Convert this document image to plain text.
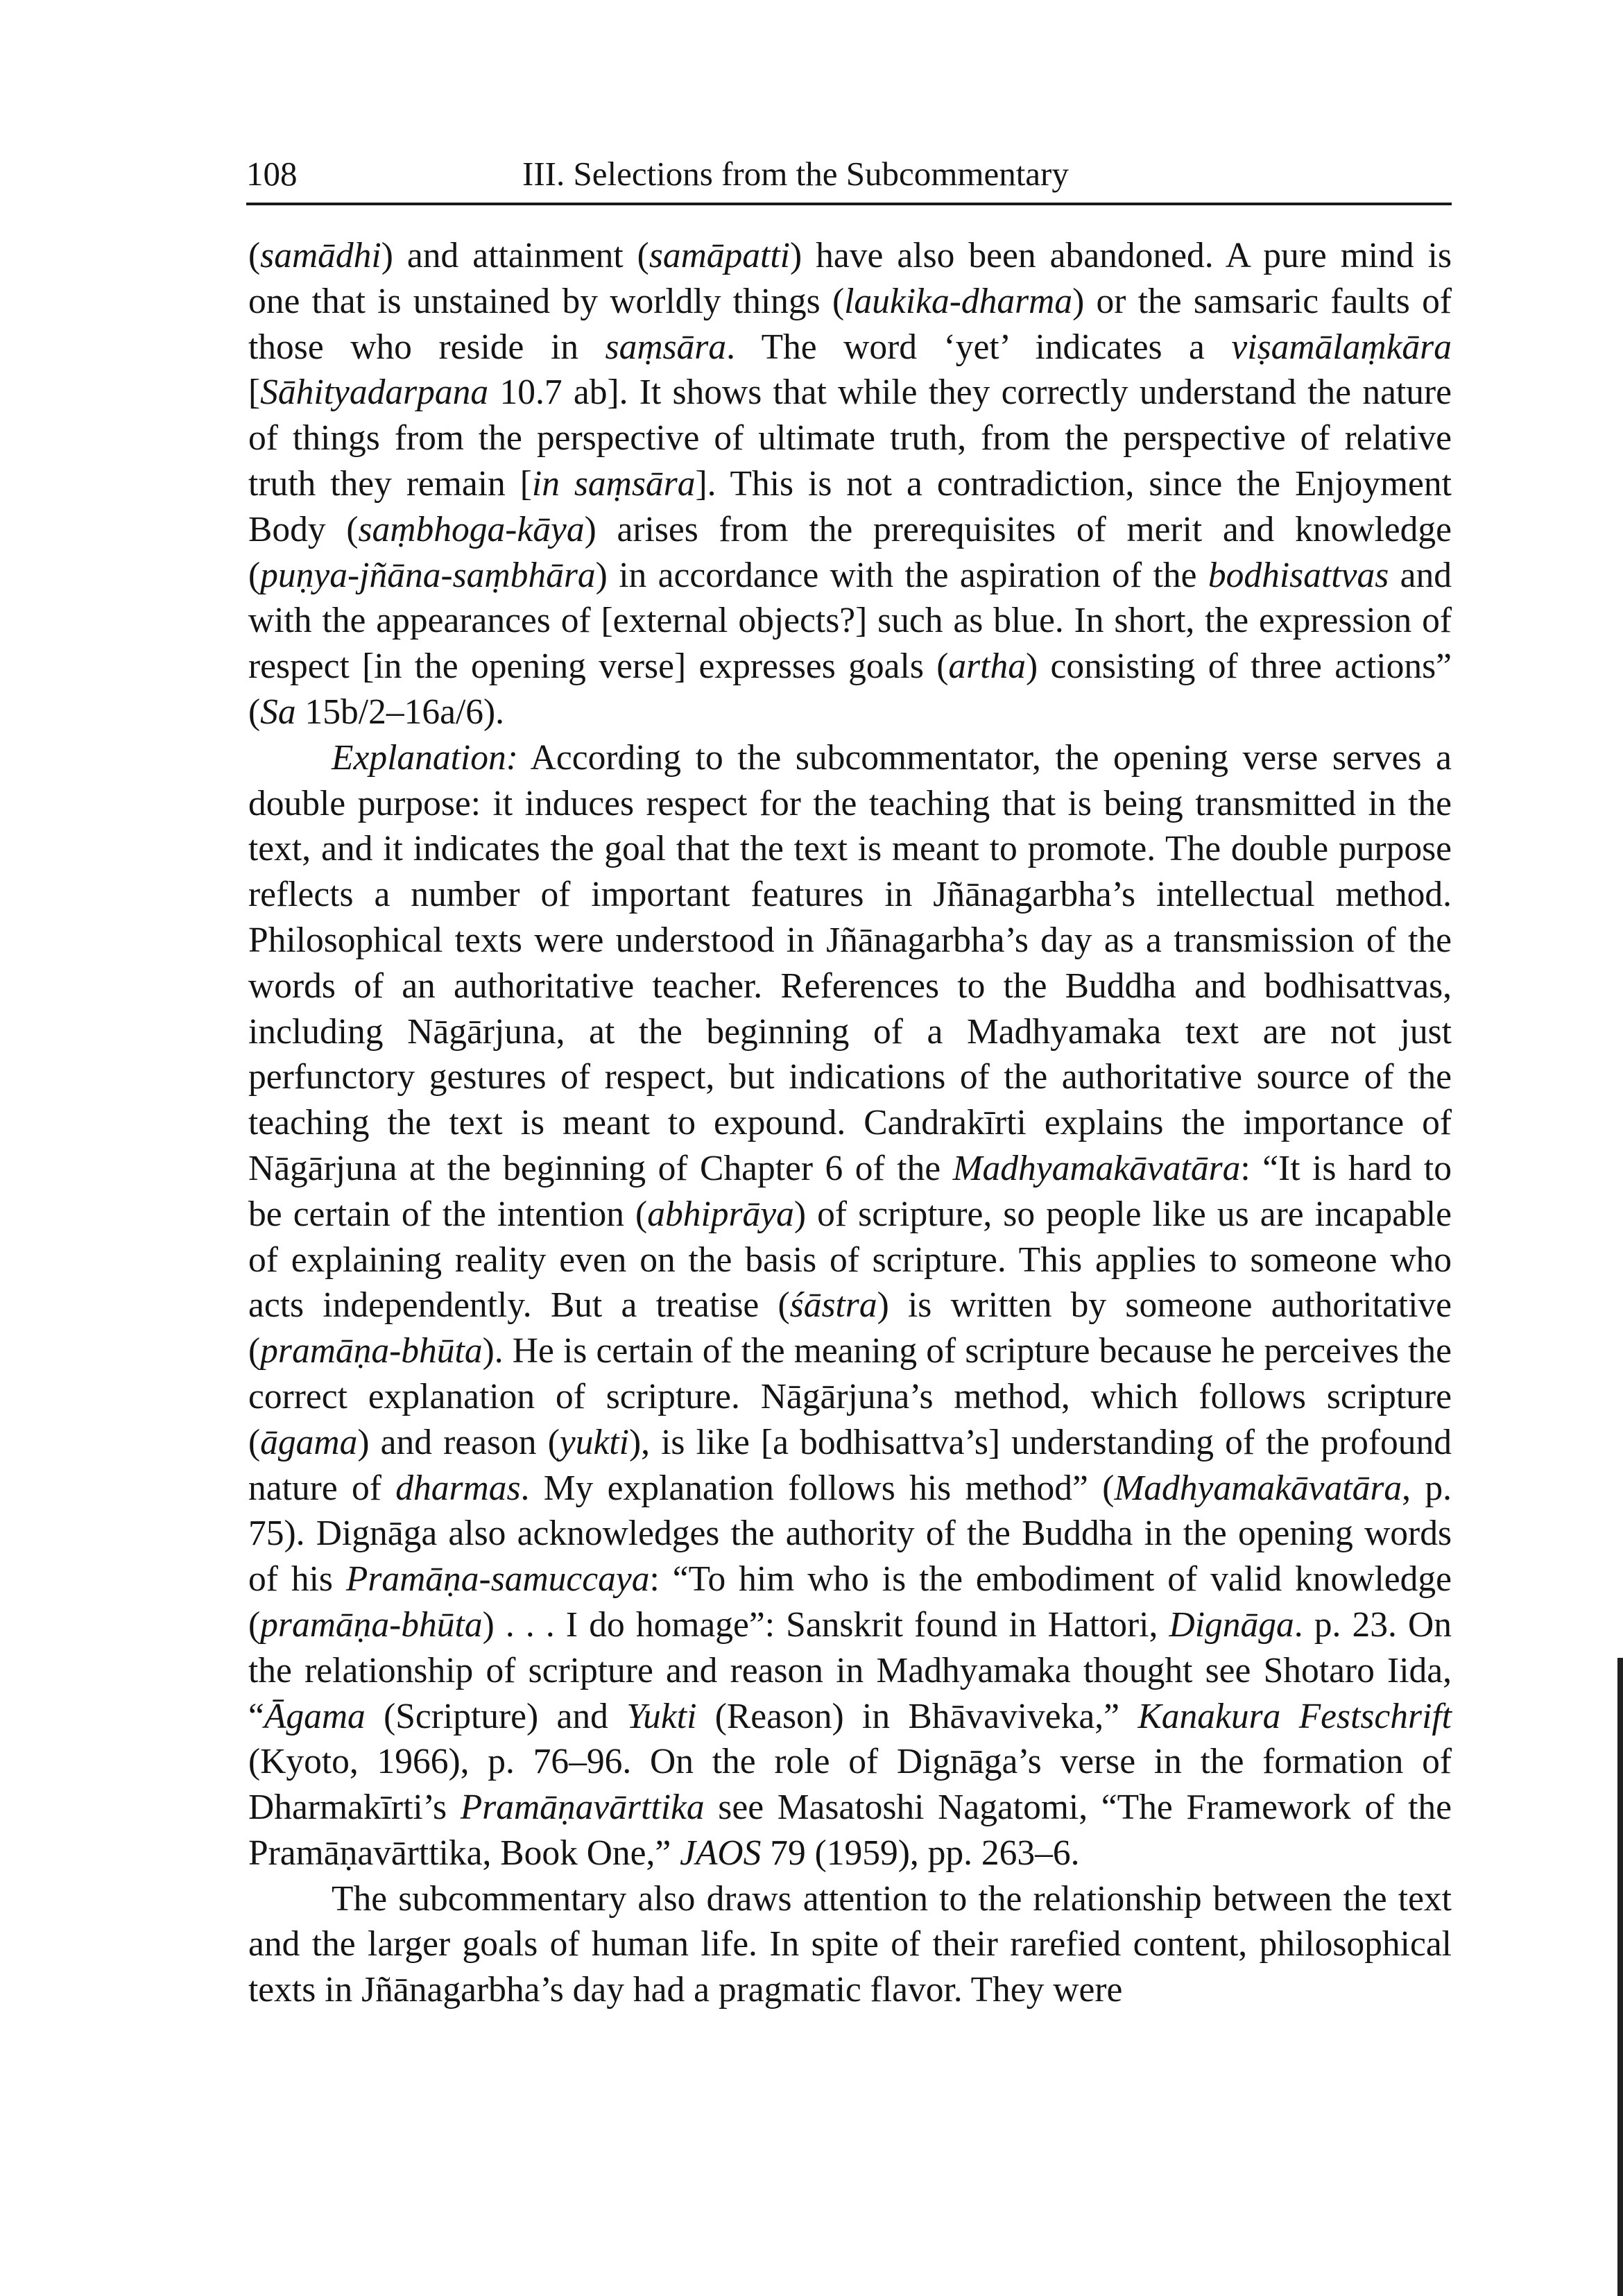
108	III. Selections from the Subcommentary

(samādhi) and attainment (samāpatti) have also been abandoned. A pure mind is one that is unstained by worldly things (laukika-dharma) or the samsaric faults of those who reside in saṃsāra. The word ‘yet’ indicates a viṣamālaṃkāra [Sāhityadarpana 10.7 ab]. It shows that while they correctly understand the nature of things from the perspective of ultimate truth, from the perspective of relative truth they remain [in saṃsāra]. This is not a contradiction, since the Enjoyment Body (saṃbhoga-kāya) arises from the prerequisites of merit and knowledge (puṇya-jñāna-saṃbhāra) in accordance with the aspiration of the bodhisattvas and with the appearances of [external objects?] such as blue. In short, the expression of respect [in the opening verse] expresses goals (artha) consisting of three actions” (Sa 15b/2–16a/6).

Explanation: According to the subcommentator, the opening verse serves a double purpose: it induces respect for the teaching that is being transmitted in the text, and it indicates the goal that the text is meant to promote. The double purpose reflects a number of important features in Jñānagarbha’s intellectual method. Philosophical texts were understood in Jñānagarbha’s day as a transmission of the words of an authoritative teacher. References to the Buddha and bodhisattvas, including Nāgārjuna, at the beginning of a Madhyamaka text are not just perfunctory gestures of respect, but indications of the authoritative source of the teaching the text is meant to expound. Candrakīrti explains the importance of Nāgārjuna at the beginning of Chapter 6 of the Madhyamakāvatāra: “It is hard to be certain of the intention (abhiprāya) of scripture, so people like us are incapable of explaining reality even on the basis of scripture. This applies to someone who acts independently. But a treatise (śāstra) is written by someone authoritative (pramāṇa-bhūta). He is certain of the meaning of scripture because he perceives the correct explanation of scripture. Nāgārjuna’s method, which follows scripture (āgama) and reason (yukti), is like [a bodhisattva’s] understanding of the profound nature of dharmas. My explanation follows his method” (Madhyamakāvatāra, p. 75). Dignāga also acknowledges the authority of the Buddha in the opening words of his Pramāṇa-samuccaya: “To him who is the embodiment of valid knowledge (pramāṇa-bhūta) . . . I do homage”: Sanskrit found in Hattori, Dignāga. p. 23. On the relationship of scripture and reason in Madhyamaka thought see Shotaro Iida, “Āgama (Scripture) and Yukti (Reason) in Bhāvaviveka,” Kanakura Festschrift (Kyoto, 1966), p. 76–96. On the role of Dignāga’s verse in the formation of Dharmakīrti’s Pramāṇavārttika see Masatoshi Nagatomi, “The Framework of the Pramāṇavārttika, Book One,” JAOS 79 (1959), pp. 263–6.

The subcommentary also draws attention to the relationship between the text and the larger goals of human life. In spite of their rarefied content, philosophical texts in Jñānagarbha’s day had a pragmatic flavor. They were
